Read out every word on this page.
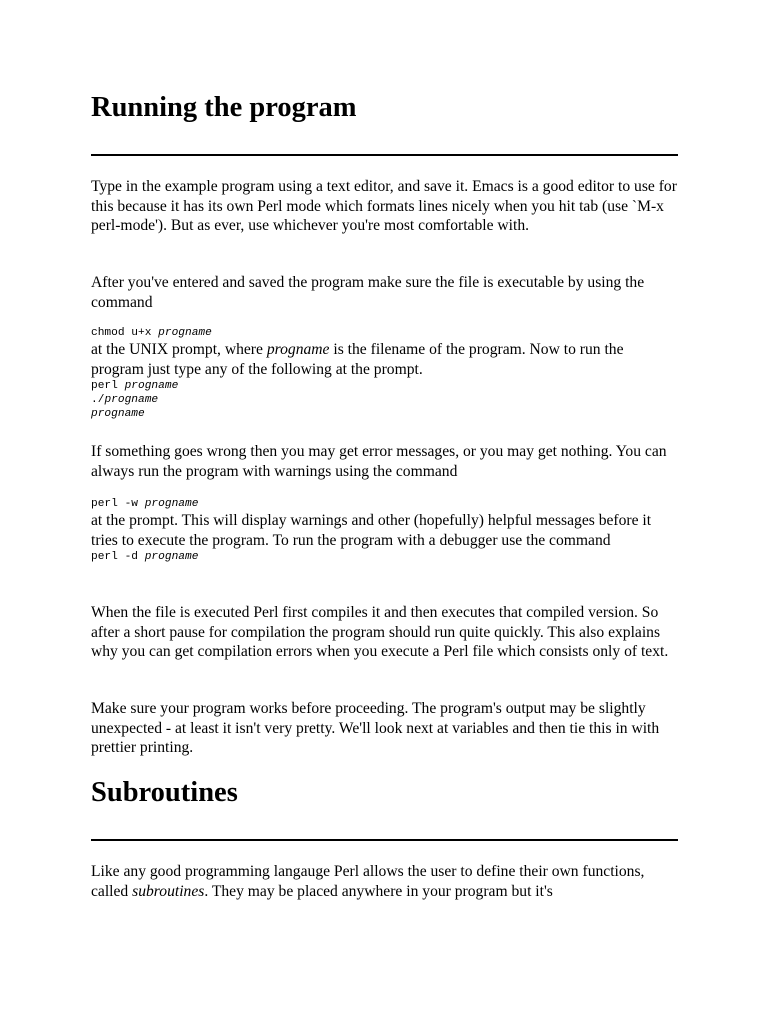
Running the program

Type in the example program using a text editor, and save it. Emacs is a good editor to use for this because it has its own Perl mode which formats lines nicely when you hit tab (use `M-x perl-mode'). But as ever, use whichever you're most comfortable with.

After you've entered and saved the program make sure the file is executable by using the command

chmod u+x progname

at the UNIX prompt, where progname is the filename of the program. Now to run the program just type any of the following at the prompt.

perl progname
./progname
progname

If something goes wrong then you may get error messages, or you may get nothing. You can always run the program with warnings using the command

perl -w progname

at the prompt. This will display warnings and other (hopefully) helpful messages before it tries to execute the program. To run the program with a debugger use the command

perl -d progname

When the file is executed Perl first compiles it and then executes that compiled version. So after a short pause for compilation the program should run quite quickly. This also explains why you can get compilation errors when you execute a Perl file which consists only of text.

Make sure your program works before proceeding. The program's output may be slightly unexpected - at least it isn't very pretty. We'll look next at variables and then tie this in with prettier printing.

Subroutines

Like any good programming langauge Perl allows the user to define their own functions, called subroutines. They may be placed anywhere in your program but it's
